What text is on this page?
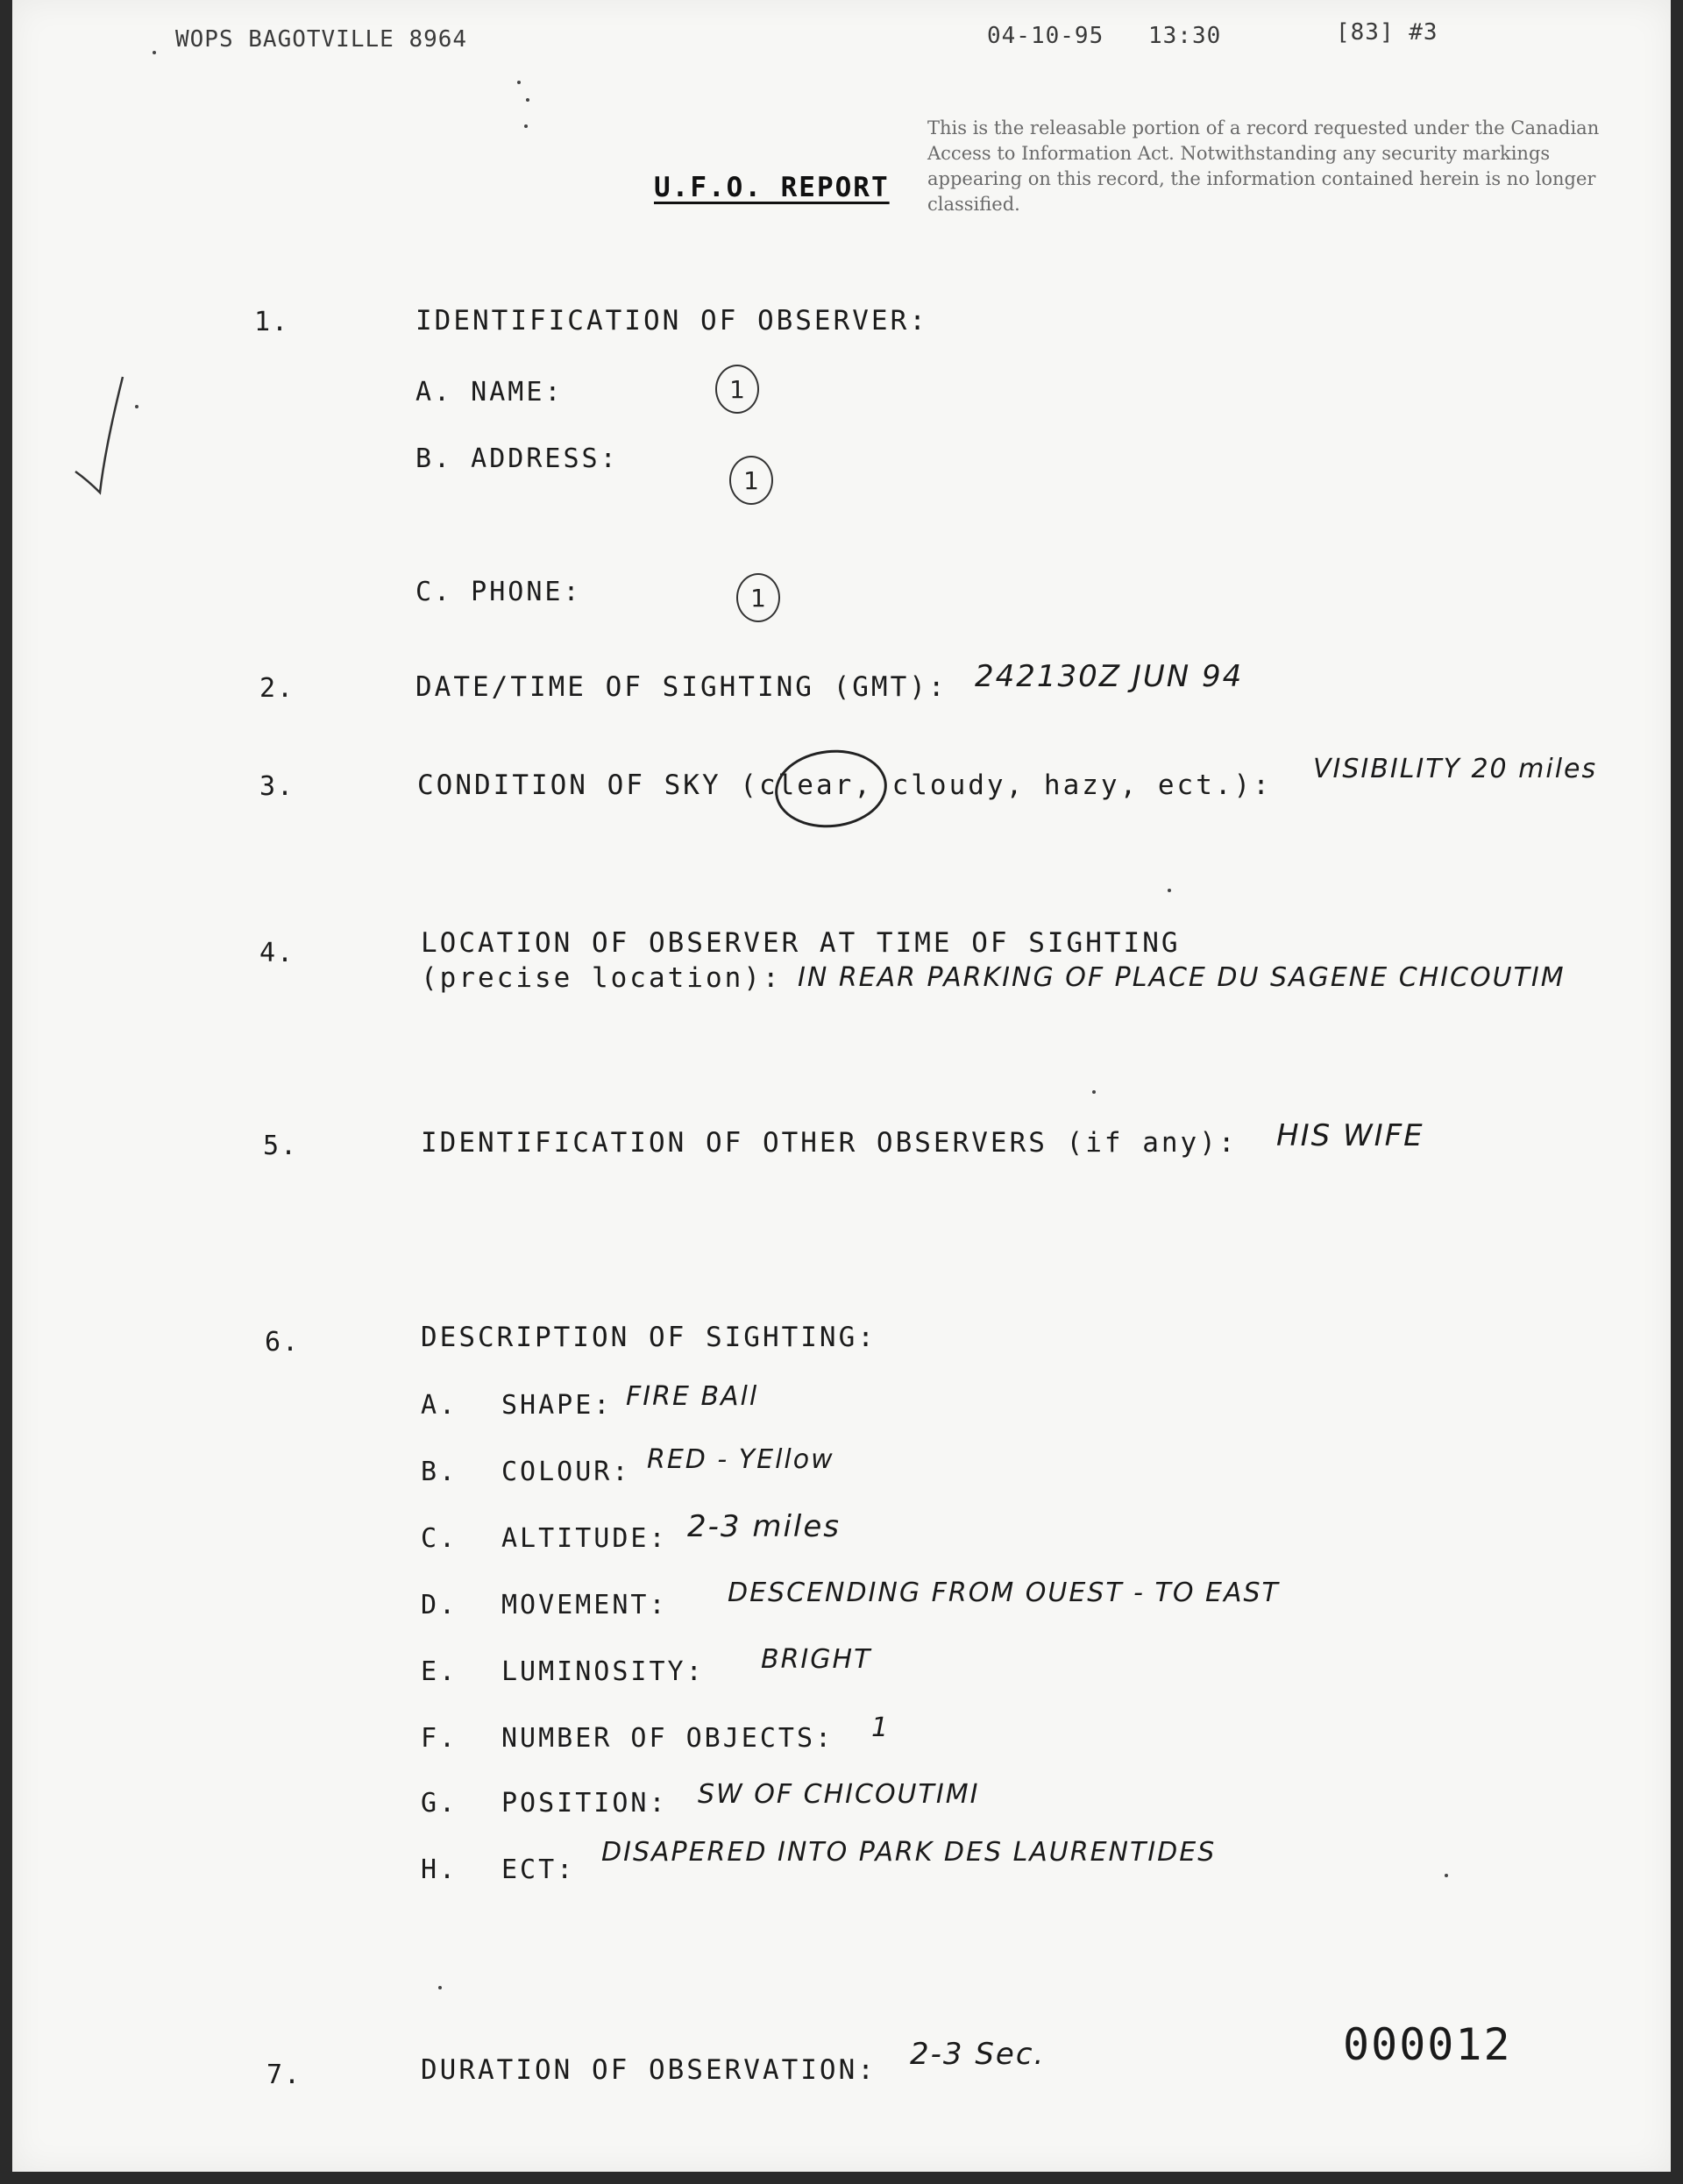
WOPS BAGOTVILLE 8964	04-10-95 13:30	[83] #3
This is the releasable portion of a record requested under the Canadian Access to Information Act. Notwithstanding any security markings appearing on this record, the information contained herein is no longer classified.
U.F.O. REPORT
1.	IDENTIFICATION OF OBSERVER:
A. NAME:	1
B. ADDRESS:
1
C. PHONE:	1
2.	DATE/TIME OF SIGHTING (GMT): 242130Z JUN 94
3.	CONDITION OF SKY (clear, cloudy, hazy, ect.):
VISIBILITY 20 miles
4.	LOCATION OF OBSERVER AT TIME OF SIGHTING
(precise location): IN REAR PARKING OF PLACE DU SAGENE CHICOUTIM
5.	IDENTIFICATION OF OTHER OBSERVERS (if any): HIS WIFE
6.	DESCRIPTION OF SIGHTING:
A. SHAPE: FIRE BAll
B. COLOUR: RED - YEllow
C. ALTITUDE: 2-3 miles
D. MOVEMENT: DESCENDING FROM OUEST - TO EAST
E. LUMINOSITY: BRIGHT
F. NUMBER OF OBJECTS: 1
G. POSITION: SW OF CHICOUTIMI
H. ECT:
DISAPERED INTO PARK DES LAURENTIDES
7.	DURATION OF OBSERVATION: 2-3 Sec.	000012
